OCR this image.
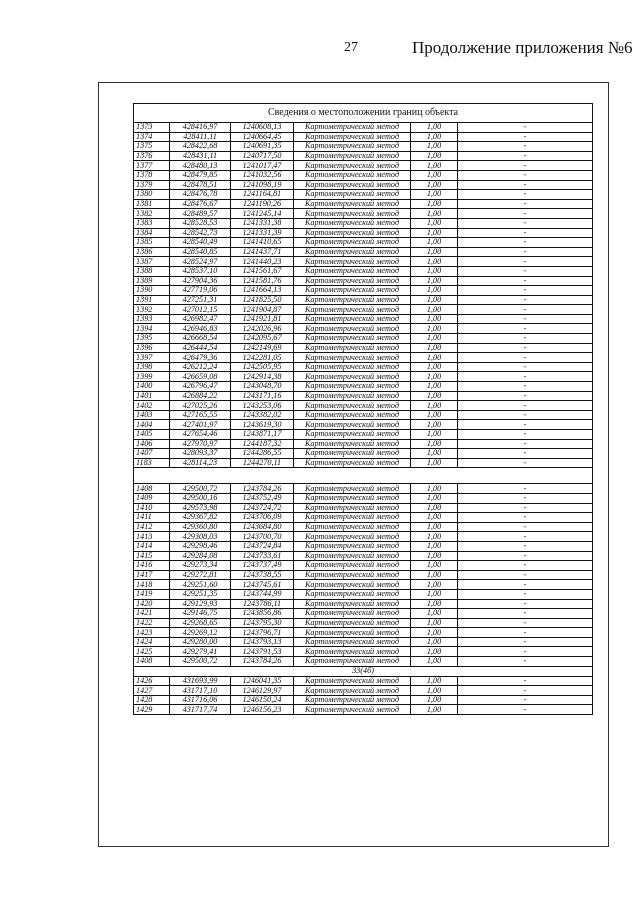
27	Продолжение приложения №6
Сведения о местоположении границ объекта					
1373	428416,97	1240608,13	Картометрический метод	1,00	-
1374	428411,11	1240664,45	Картометрический метод	1,00	-
1375	428422,68	1240691,35	Картометрический метод	1,00	-
1376	428431,11	1240717,50	Картометрический метод	1,00	-
1377	428480,13	1241017,47	Картометрический метод	1,00	-
1378	428479,85	1241032,56	Картометрический метод	1,00	-
1379	428478,51	1241098,19	Картометрический метод	1,00	-
1380	428476,78	1241164,81	Картометрический метод	1,00	-
1381	428476,67	1241190,26	Картометрический метод	1,00	-
1382	428489,57	1241245,14	Картометрический метод	1,00	-
1383	428528,53	1241331,38	Картометрический метод	1,00	-
1384	428542,73	1241331,39	Картометрический метод	1,00	-
1385	428540,49	1241410,65	Картометрический метод	1,00	-
1386	428540,85	1241437,71	Картометрический метод	1,00	-
1387	428524,97	1241440,23	Картометрический метод	1,00	-
1388	428537,10	1241561,67	Картометрический метод	1,00	-
1389	427904,36	1241581,76	Картометрический метод	1,00	-
1390	427719,06	1241664,13	Картометрический метод	1,00	-
1391	427251,31	1241825,50	Картометрический метод	1,00	-
1392	427012,15	1241904,87	Картометрический метод	1,00	-
1393	426982,47	1241921,81	Картометрический метод	1,00	-
1394	426946,83	1242026,96	Картометрический метод	1,00	-
1395	426668,54	1242095,67	Картометрический метод	1,00	-
1396	426444,54	1242149,69	Картометрический метод	1,00	-
1397	426479,36	1242281,05	Картометрический метод	1,00	-
1398	426212,24	1242505,95	Картометрический метод	1,00	-
1399	426659,08	1242914,38	Картометрический метод	1,00	-
1400	426796,47	1243048,70	Картометрический метод	1,00	-
1401	426884,22	1243171,16	Картометрический метод	1,00	-
1402	427025,26	1243253,06	Картометрический метод	1,00	-
1403	427165,55	1243382,02	Картометрический метод	1,00	-
1404	427401,97	1243619,30	Картометрический метод	1,00	-
1405	427654,46	1243871,17	Картометрический метод	1,00	-
1406	427970,97	1244187,32	Картометрический метод	1,00	-
1407	428093,37	1244286,55	Картометрический метод	1,00	-
1183	428114,23	1244270,11	Картометрический метод	1,00	-

1408	429500,72	1243784,26	Картометрический метод	1,00	-
1409	429500,16	1243752,49	Картометрический метод	1,00	-
1410	429573,98	1243724,72	Картометрический метод	1,00	-
1411	429367,82	1243706,09	Картометрический метод	1,00	-
1412	429360,80	1243684,80	Картометрический метод	1,00	-
1413	429308,03	1243700,70	Картометрический метод	1,00	-
1414	429298,46	1243724,84	Картометрический метод	1,00	-
1415	429284,08	1243733,61	Картометрический метод	1,00	-
1416	429273,34	1243737,49	Картометрический метод	1,00	-
1417	429272,81	1243738,55	Картометрический метод	1,00	-
1418	429251,60	1243745,61	Картометрический метод	1,00	-
1419	429251,35	1243744,99	Картометрический метод	1,00	-
1420	429129,93	1243786,11	Картометрический метод	1,00	-
1421	429146,75	1243856,86	Картометрический метод	1,00	-
1422	429268,65	1243795,30	Картометрический метод	1,00	-
1423	429269,12	1243796,71	Картометрический метод	1,00	-
1424	429280,00	1243793,13	Картометрический метод	1,00	-
1425	429279,41	1243791,53	Картометрический метод	1,00	-
1408	429500,72	1243784,26	Картометрический метод	1,00	-
33(4б)					
1426	431693,99	1246041,35	Картометрический метод	1,00	-
1427	431717,10	1246129,97	Картометрический метод	1,00	-
1428	431716,06	1246150,24	Картометрический метод	1,00	-
1429	431717,74	1246156,23	Картометрический метод	1,00	-
